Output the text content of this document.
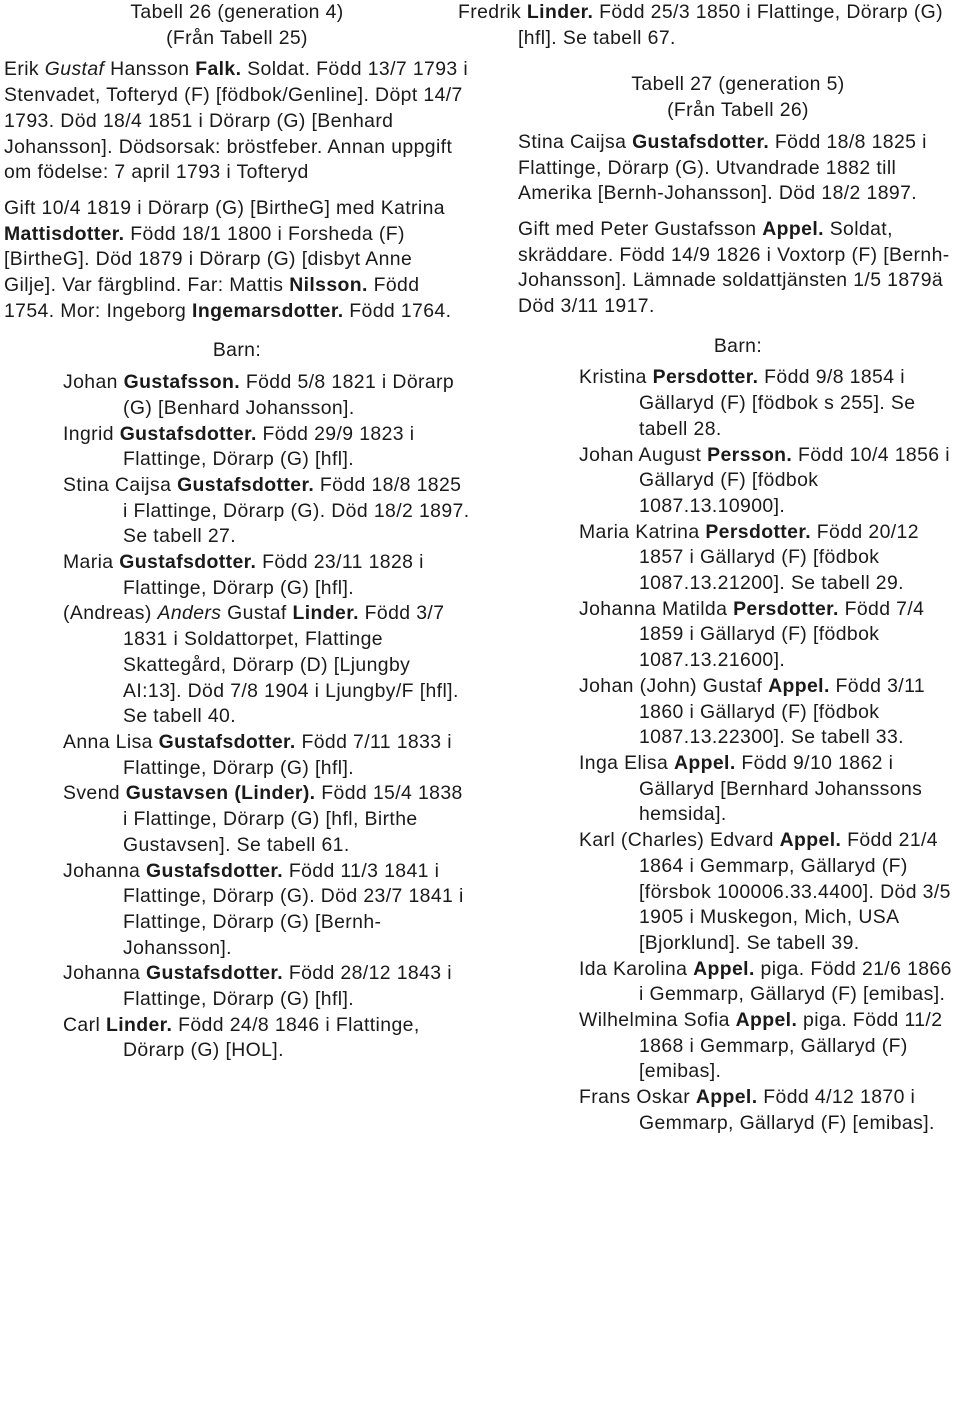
Tabell 26 (generation 4)

(Från Tabell 25)

Erik Gustaf Hansson Falk. Soldat. Född 13/7 1793 i Stenvadet, Tofteryd (F) [födbok/Genline]. Döpt 14/7 1793. Död 18/4 1851 i Dörarp (G) [Benhard Johansson]. Dödsorsak: bröstfeber. Annan uppgift om födelse: 7 april 1793 i Tofteryd

Gift 10/4 1819 i Dörarp (G) [BirtheG] med Katrina Mattisdotter. Född 18/1 1800 i Forsheda (F) [BirtheG]. Död 1879 i Dörarp (G) [disbyt Anne Gilje]. Var färgblind. Far: Mattis Nilsson. Född 1754. Mor: Ingeborg Ingemarsdotter. Född 1764.

Barn:

Johan Gustafsson. Född 5/8 1821 i Dörarp (G) [Benhard Johansson].

Ingrid Gustafsdotter. Född 29/9 1823 i Flattinge, Dörarp (G) [hfl].

Stina Caijsa Gustafsdotter. Född 18/8 1825 i Flattinge, Dörarp (G). Död 18/2 1897. Se tabell 27.

Maria Gustafsdotter. Född 23/11 1828 i Flattinge, Dörarp (G) [hfl].

(Andreas) Anders Gustaf Linder. Född 3/7 1831 i Soldattorpet, Flattinge Skattegård, Dörarp (D) [Ljungby AI:13]. Död 7/8 1904 i Ljungby/F [hfl]. Se tabell 40.

Anna Lisa Gustafsdotter. Född 7/11 1833 i Flattinge, Dörarp (G) [hfl].

Svend Gustavsen (Linder). Född 15/4 1838 i Flattinge, Dörarp (G) [hfl, Birthe Gustavsen]. Se tabell 61.

Johanna Gustafsdotter. Född 11/3 1841 i Flattinge, Dörarp (G). Död 23/7 1841 i Flattinge, Dörarp (G) [Bernh-Johansson].

Johanna Gustafsdotter. Född 28/12 1843 i Flattinge, Dörarp (G) [hfl].

Carl Linder. Född 24/8 1846 i Flattinge, Dörarp (G) [HOL].

Fredrik Linder. Född 25/3 1850 i Flattinge, Dörarp (G) [hfl]. Se tabell 67.

Tabell 27 (generation 5)

(Från Tabell 26)

Stina Caijsa Gustafsdotter. Född 18/8 1825 i Flattinge, Dörarp (G). Utvandrade 1882 till Amerika [Bernh-Johansson]. Död 18/2 1897.

Gift med Peter Gustafsson Appel. Soldat, skräddare. Född 14/9 1826 i Voxtorp (F) [Bernh-Johansson]. Lämnade soldattjänsten 1/5 1879ä Död 3/11 1917.

Barn:

Kristina Persdotter. Född 9/8 1854 i Gällaryd (F) [födbok s 255]. Se tabell 28.

Johan August Persson. Född 10/4 1856 i Gällaryd (F) [födbok 1087.13.10900].

Maria Katrina Persdotter. Född 20/12 1857 i Gällaryd (F) [födbok 1087.13.21200]. Se tabell 29.

Johanna Matilda Persdotter. Född 7/4 1859 i Gällaryd (F) [födbok 1087.13.21600].

Johan (John) Gustaf Appel. Född 3/11 1860 i Gällaryd (F) [födbok 1087.13.22300]. Se tabell 33.

Inga Elisa Appel. Född 9/10 1862 i Gällaryd [Bernhard Johanssons hemsida].

Karl (Charles) Edvard Appel. Född 21/4 1864 i Gemmarp, Gällaryd (F) [försbok 100006.33.4400]. Död 3/5 1905 i Muskegon, Mich, USA [Bjorklund]. Se tabell 39.

Ida Karolina Appel. piga. Född 21/6 1866 i Gemmarp, Gällaryd (F) [emibas].

Wilhelmina Sofia Appel. piga. Född 11/2 1868 i Gemmarp, Gällaryd (F) [emibas].

Frans Oskar Appel. Född 4/12 1870 i Gemmarp, Gällaryd (F) [emibas].
